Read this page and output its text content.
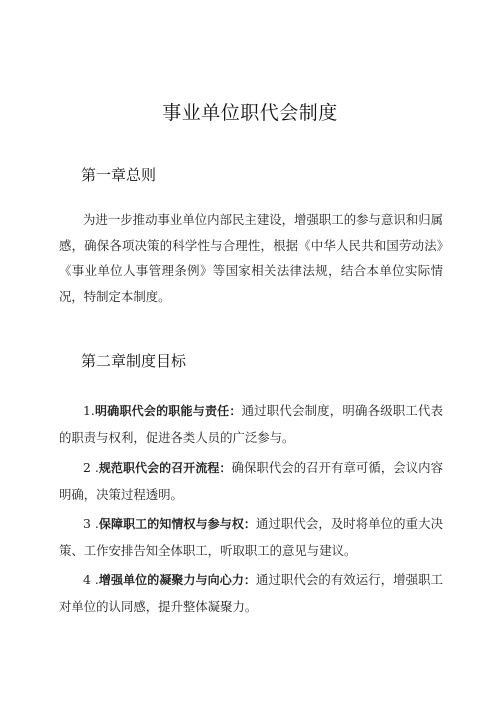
事业单位职代会制度
第一章总则

为进一步推动事业单位内部民主建设，增强职工的参与意识和归属感，确保各项决策的科学性与合理性，根据《中华人民共和国劳动法》《事业单位人事管理条例》等国家相关法律法规，结合本单位实际情况，特制定本制度。

第二章制度目标

1.明确职代会的职能与责任：通过职代会制度，明确各级职工代表的职责与权利，促进各类人员的广泛参与。

2 .规范职代会的召开流程：确保职代会的召开有章可循，会议内容明确，决策过程透明。

3 .保障职工的知情权与参与权：通过职代会，及时将单位的重大决策、工作安排告知全体职工，听取职工的意见与建议。

4 .增强单位的凝聚力与向心力：通过职代会的有效运行，增强职工对单位的认同感，提升整体凝聚力。
